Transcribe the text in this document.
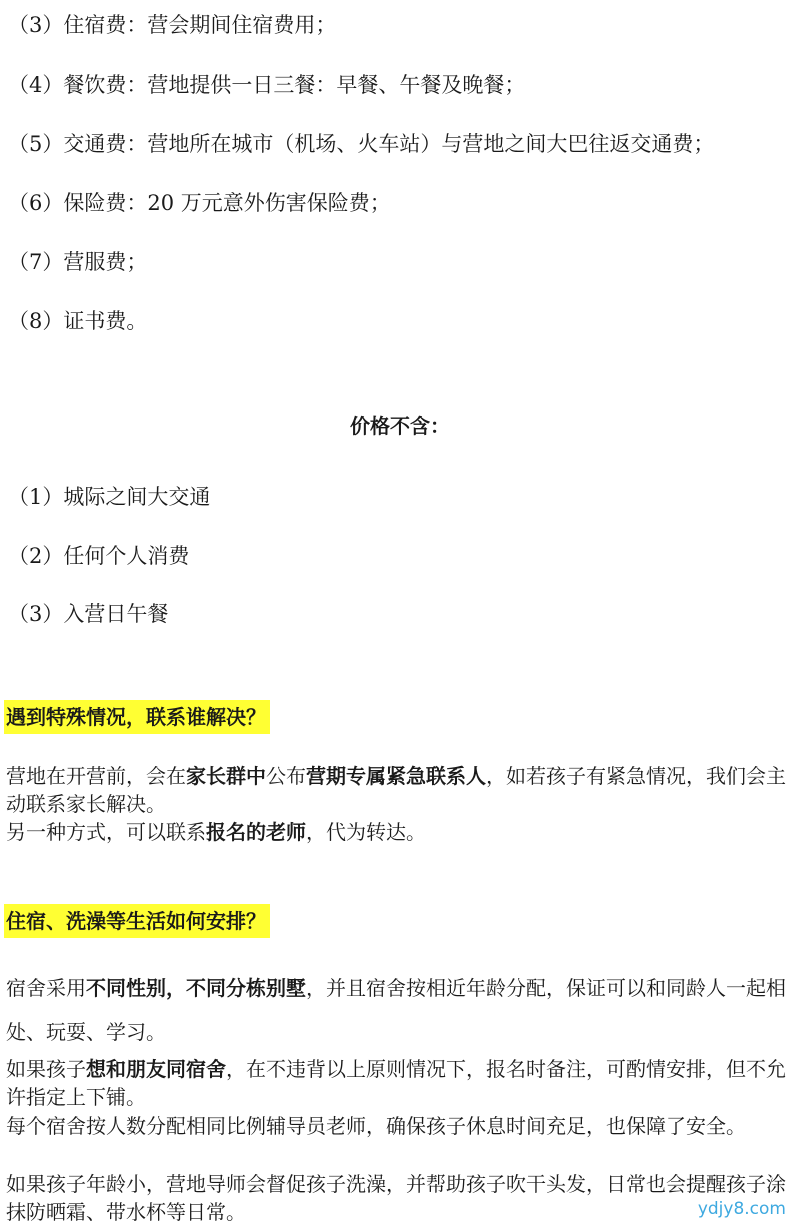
（3）住宿费：营会期间住宿费用；
（4）餐饮费：营地提供一日三餐：早餐、午餐及晚餐；
（5）交通费：营地所在城市（机场、火车站）与营地之间大巴往返交通费；
（6）保险费：20 万元意外伤害保险费；
（7）营服费；
（8）证书费。
价格不含：
（1）城际之间大交通
（2）任何个人消费
（3）入营日午餐
遇到特殊情况，联系谁解决？
营地在开营前，会在家长群中公布营期专属紧急联系人，如若孩子有紧急情况，我们会主动联系家长解决。
另一种方式，可以联系报名的老师，代为转达。
住宿、洗澡等生活如何安排？
宿舍采用不同性别，不同分栋别墅，并且宿舍按相近年龄分配，保证可以和同龄人一起相处、玩耍、学习。
如果孩子想和朋友同宿舍，在不违背以上原则情况下，报名时备注，可酌情安排，但不允许指定上下铺。
每个宿舍按人数分配相同比例辅导员老师，确保孩子休息时间充足，也保障了安全。
如果孩子年龄小，营地导师会督促孩子洗澡，并帮助孩子吹干头发，日常也会提醒孩子涂抹防晒霜、带水杯等日常。	ydjy8.com
